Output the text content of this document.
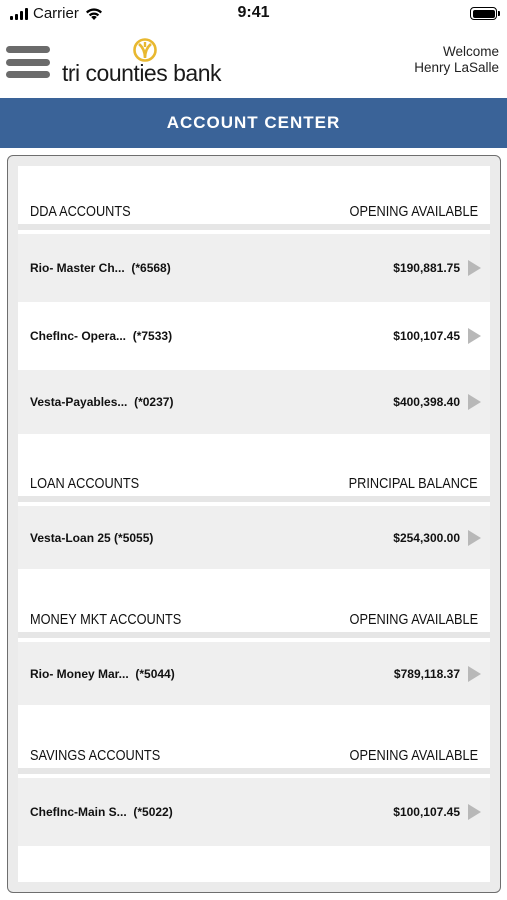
Carrier	9:41
tri counties bank
Welcome
Henry LaSalle
ACCOUNT CENTER
DDA ACCOUNTS	OPENING AVAILABLE
Rio- Master Ch... (*6568)	$190,881.75
ChefInc- Opera... (*7533)	$100,107.45
Vesta-Payables... (*0237)	$400,398.40
LOAN ACCOUNTS	PRINCIPAL BALANCE
Vesta-Loan 25 (*5055)	$254,300.00
MONEY MKT ACCOUNTS	OPENING AVAILABLE
Rio- Money Mar... (*5044)	$789,118.37
SAVINGS ACCOUNTS	OPENING AVAILABLE
ChefInc-Main S... (*5022)	$100,107.45
